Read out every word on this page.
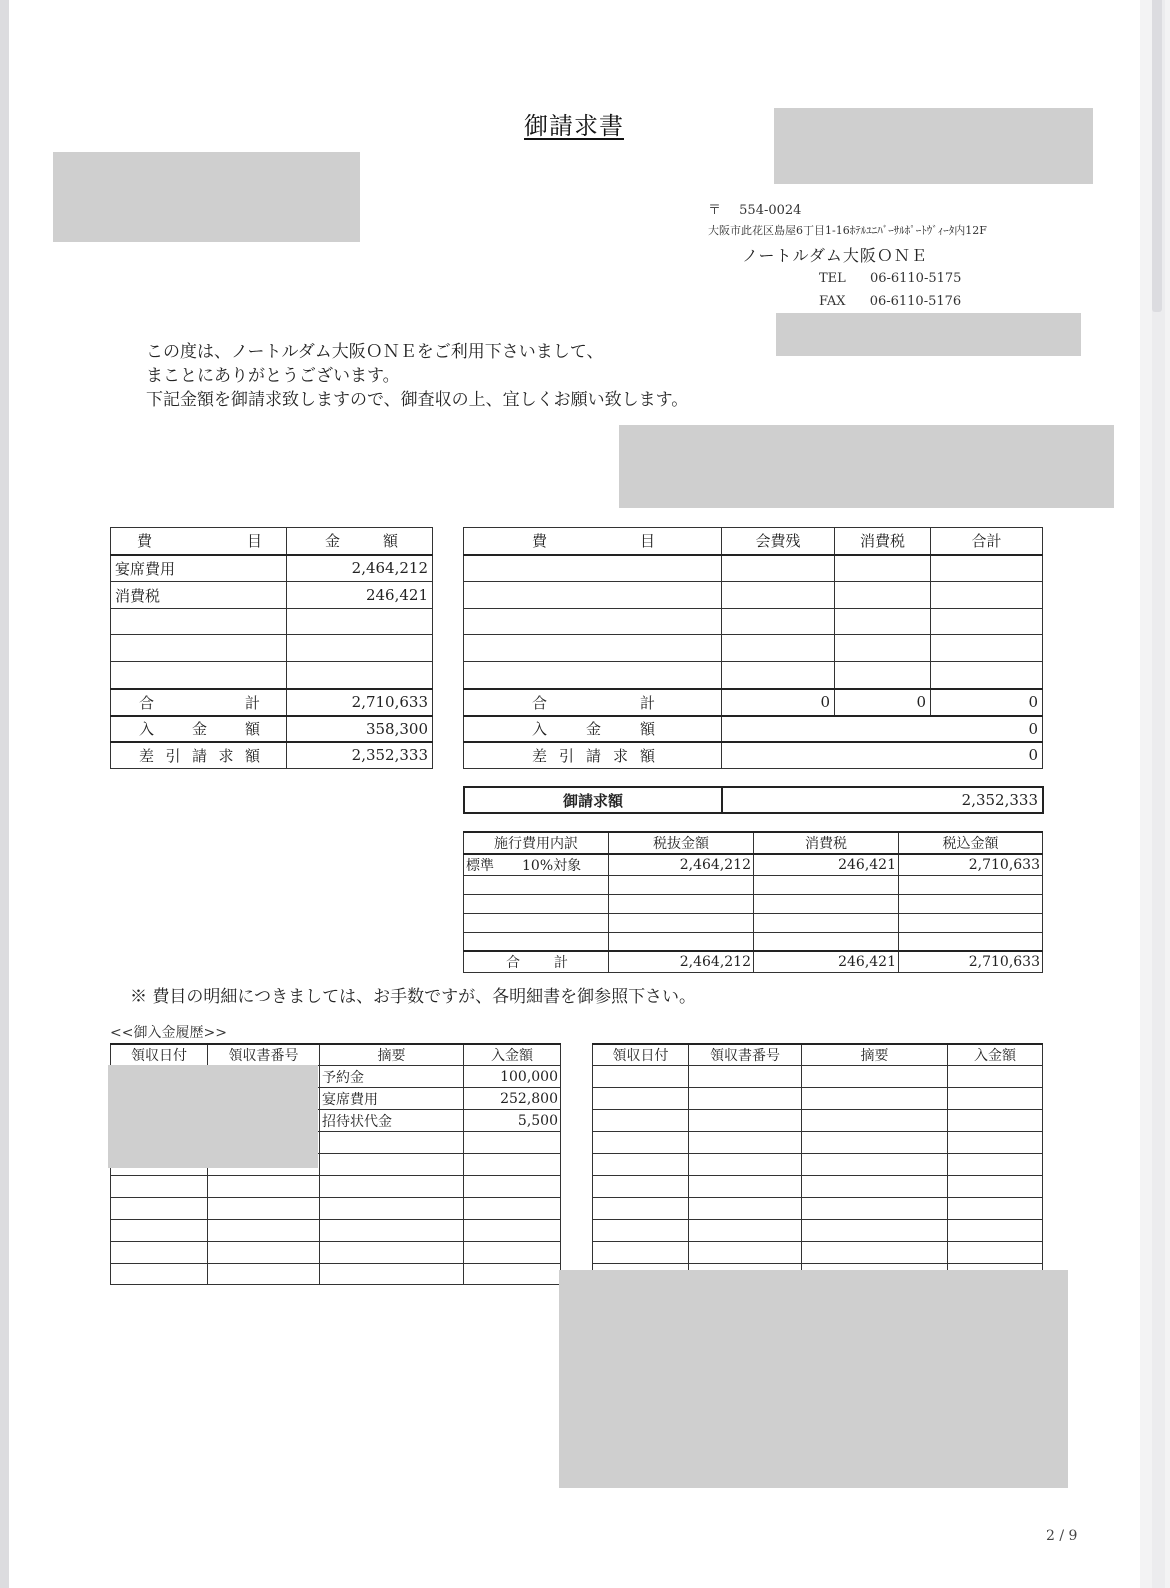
御請求書
〒 554-0024
大阪市此花区島屋6丁目1-16ﾎﾃﾙﾕﾆﾊﾞｰｻﾙﾎﾟｰﾄｳﾞｨｰﾀ内12F
ノートルダム大阪ＯＮＥ
TEL 06-6110-5175
FAX 06-6110-5176
この度は、ノートルダム大阪ＯＮＥをご利用下さいまして、
まことにありがとうございます。
下記金額を御請求致しますので、御査収の上、宜しくお願い致します。
費 目	金 額

宴席費用	2,464,212
消費税	246,421

合 計	2,710,633

入 金 額	358,300

差 引 請 求 額	2,352,333
費 目	会費残	消費税	合計

合 計	0	0	0

入 金 額	0		

差 引 請 求 額	0		
御請求額	2,352,333
施行費用内訳	税抜金額	消費税	税込金額
標準　　10%対象	2,464,212	246,421	2,710,633

合 計	2,464,212	246,421	2,710,633
※ 費目の明細につきましては、お手数ですが、各明細書を御参照下さい。
<<御入金履歴>>
領収日付	領収書番号	摘要	入金額
		予約金	100,000
		宴席費用	252,800
		招待状代金	5,500

領収日付	領収書番号	摘要	入金額

2 / 9
